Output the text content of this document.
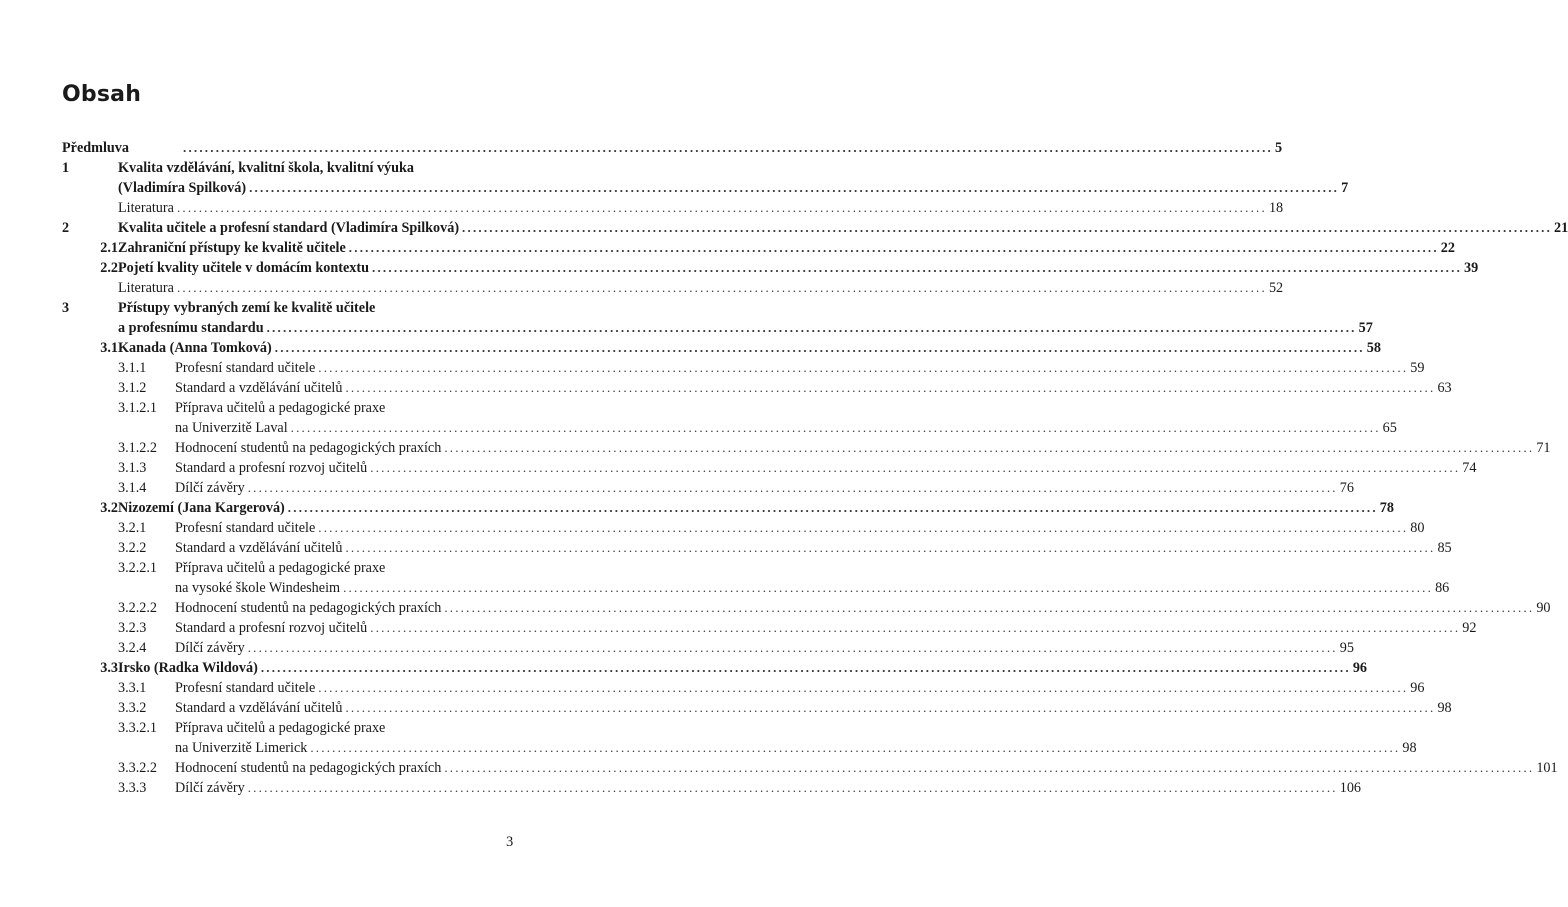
Obsah
Předmluva	........................................................................................................................................................................................................ 5
1	Kvalita vzdělávání, kvalitní škola, kvalitní výuka
(Vladimíra Spilková) ........................................................................................................................................................................................................ 7
Literatura ........................................................................................................................................................................................................ 18
2	Kvalita učitele a profesní standard (Vladimíra Spilková) ........................................................................................................................................................................................................ 21
2.1 Zahraniční přístupy ke kvalitě učitele ........................................................................................................................................................................................................ 22
2.2 Pojetí kvality učitele v domácím kontextu ........................................................................................................................................................................................................ 39
Literatura ........................................................................................................................................................................................................ 52
3	Přístupy vybraných zemí ke kvalitě učitele
a profesnímu standardu ........................................................................................................................................................................................................ 57
3.1 Kanada (Anna Tomková) ........................................................................................................................................................................................................ 58
3.1.1 Profesní standard učitele ........................................................................................................................................................................................................ 59
3.1.2 Standard a vzdělávání učitelů ........................................................................................................................................................................................................ 63
3.1.2.1 Příprava učitelů a pedagogické praxe
na Univerzitě Laval ........................................................................................................................................................................................................ 65
3.1.2.2 Hodnocení studentů na pedagogických praxích ........................................................................................................................................................................................................ 71
3.1.3 Standard a profesní rozvoj učitelů ........................................................................................................................................................................................................ 74
3.1.4 Dílčí závěry ........................................................................................................................................................................................................ 76
3.2 Nizozemí (Jana Kargerová) ........................................................................................................................................................................................................ 78
3.2.1 Profesní standard učitele ........................................................................................................................................................................................................ 80
3.2.2 Standard a vzdělávání učitelů ........................................................................................................................................................................................................ 85
3.2.2.1 Příprava učitelů a pedagogické praxe
na vysoké škole Windesheim ........................................................................................................................................................................................................ 86
3.2.2.2 Hodnocení studentů na pedagogických praxích ........................................................................................................................................................................................................ 90
3.2.3 Standard a profesní rozvoj učitelů ........................................................................................................................................................................................................ 92
3.2.4 Dílčí závěry ........................................................................................................................................................................................................ 95
3.3 Irsko (Radka Wildová) ........................................................................................................................................................................................................ 96
3.3.1 Profesní standard učitele ........................................................................................................................................................................................................ 96
3.3.2 Standard a vzdělávání učitelů ........................................................................................................................................................................................................ 98
3.3.2.1 Příprava učitelů a pedagogické praxe
na Univerzitě Limerick ........................................................................................................................................................................................................ 98
3.3.2.2 Hodnocení studentů na pedagogických praxích ........................................................................................................................................................................................................ 101
3.3.3 Dílčí závěry ........................................................................................................................................................................................................ 106
3
